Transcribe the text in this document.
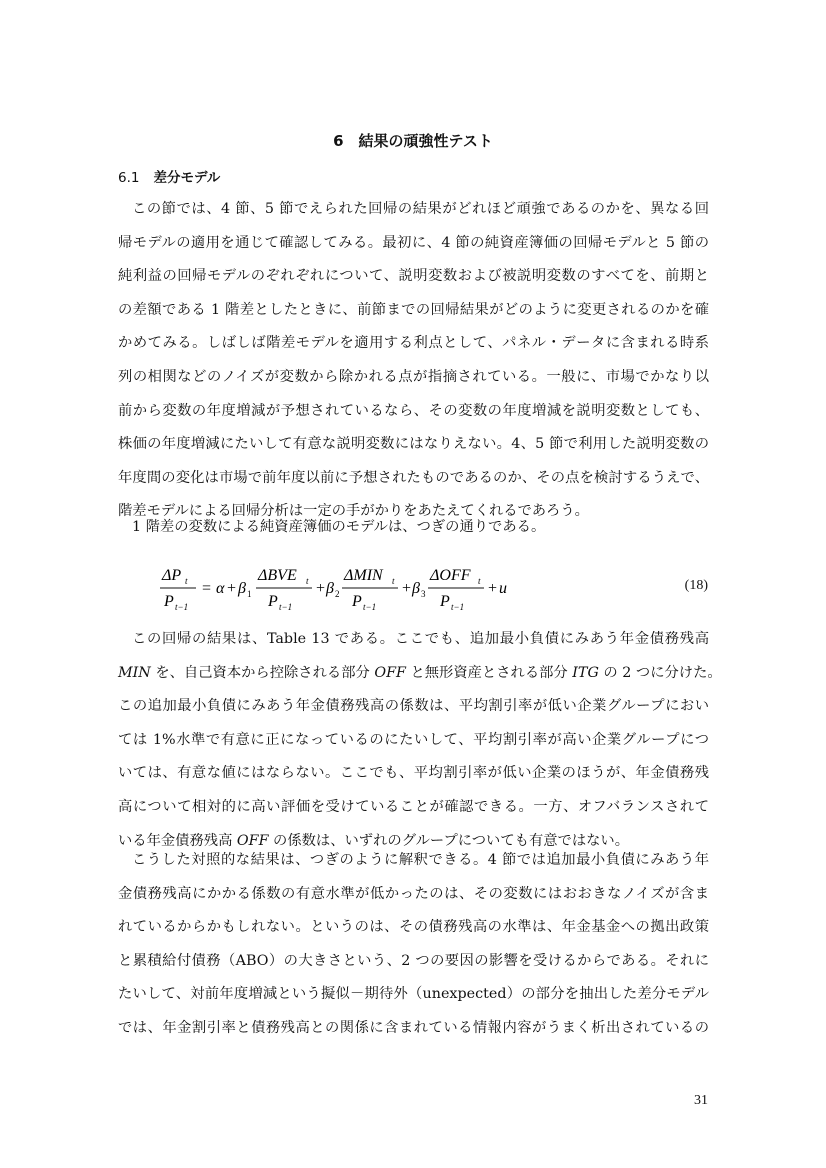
6　結果の頑強性テスト
6.1 差分モデル
この節では、4 節、5 節でえられた回帰の結果がどれほど頑強であるのかを、異なる回
帰モデルの適用を通じて確認してみる。最初に、4 節の純資産簿価の回帰モデルと 5 節の
純利益の回帰モデルのぞれぞれについて、説明変数および被説明変数のすべてを、前期と
の差額である 1 階差としたときに、前節までの回帰結果がどのように変更されるのかを確
かめてみる。しばしば階差モデルを適用する利点として、パネル・データに含まれる時系
列の相関などのノイズが変数から除かれる点が指摘されている。一般に、市場でかなり以
前から変数の年度増減が予想されているなら、その変数の年度増減を説明変数としても、
株価の年度増減にたいして有意な説明変数にはなりえない。4、5 節で利用した説明変数の
年度間の変化は市場で前年度以前に予想されたものであるのか、その点を検討するうえで、
階差モデルによる回帰分析は一定の手がかりをあたえてくれるであろう。
1 階差の変数による純資産簿価のモデルは、つぎの通りである。
ΔP t
P t−1
= α + β 1
ΔBVE t
P t−1
+ β 2
ΔMIN t
P t−1
+ β 3
ΔOFF t
P t−1
+ u	(18)
この回帰の結果は、Table 13 である。ここでも、追加最小負債にみあう年金債務残高
MIN を、自己資本から控除される部分 OFF と無形資産とされる部分 ITG の 2 つに分けた。
この追加最小負債にみあう年金債務残高の係数は、平均割引率が低い企業グループにおい
ては 1%水準で有意に正になっているのにたいして、平均割引率が高い企業グループにつ
いては、有意な値にはならない。ここでも、平均割引率が低い企業のほうが、年金債務残
高について相対的に高い評価を受けていることが確認できる。一方、オフバランスされて
いる年金債務残高 OFF の係数は、いずれのグループについても有意ではない。
こうした対照的な結果は、つぎのように解釈できる。4 節では追加最小負債にみあう年
金債務残高にかかる係数の有意水準が低かったのは、その変数にはおおきなノイズが含ま
れているからかもしれない。というのは、その債務残高の水準は、年金基金への拠出政策
と累積給付債務（ABO）の大きさという、2 つの要因の影響を受けるからである。それに
たいして、対前年度増減という擬似－期待外（unexpected）の部分を抽出した差分モデル
では、年金割引率と債務残高との関係に含まれている情報内容がうまく析出されているの
31
